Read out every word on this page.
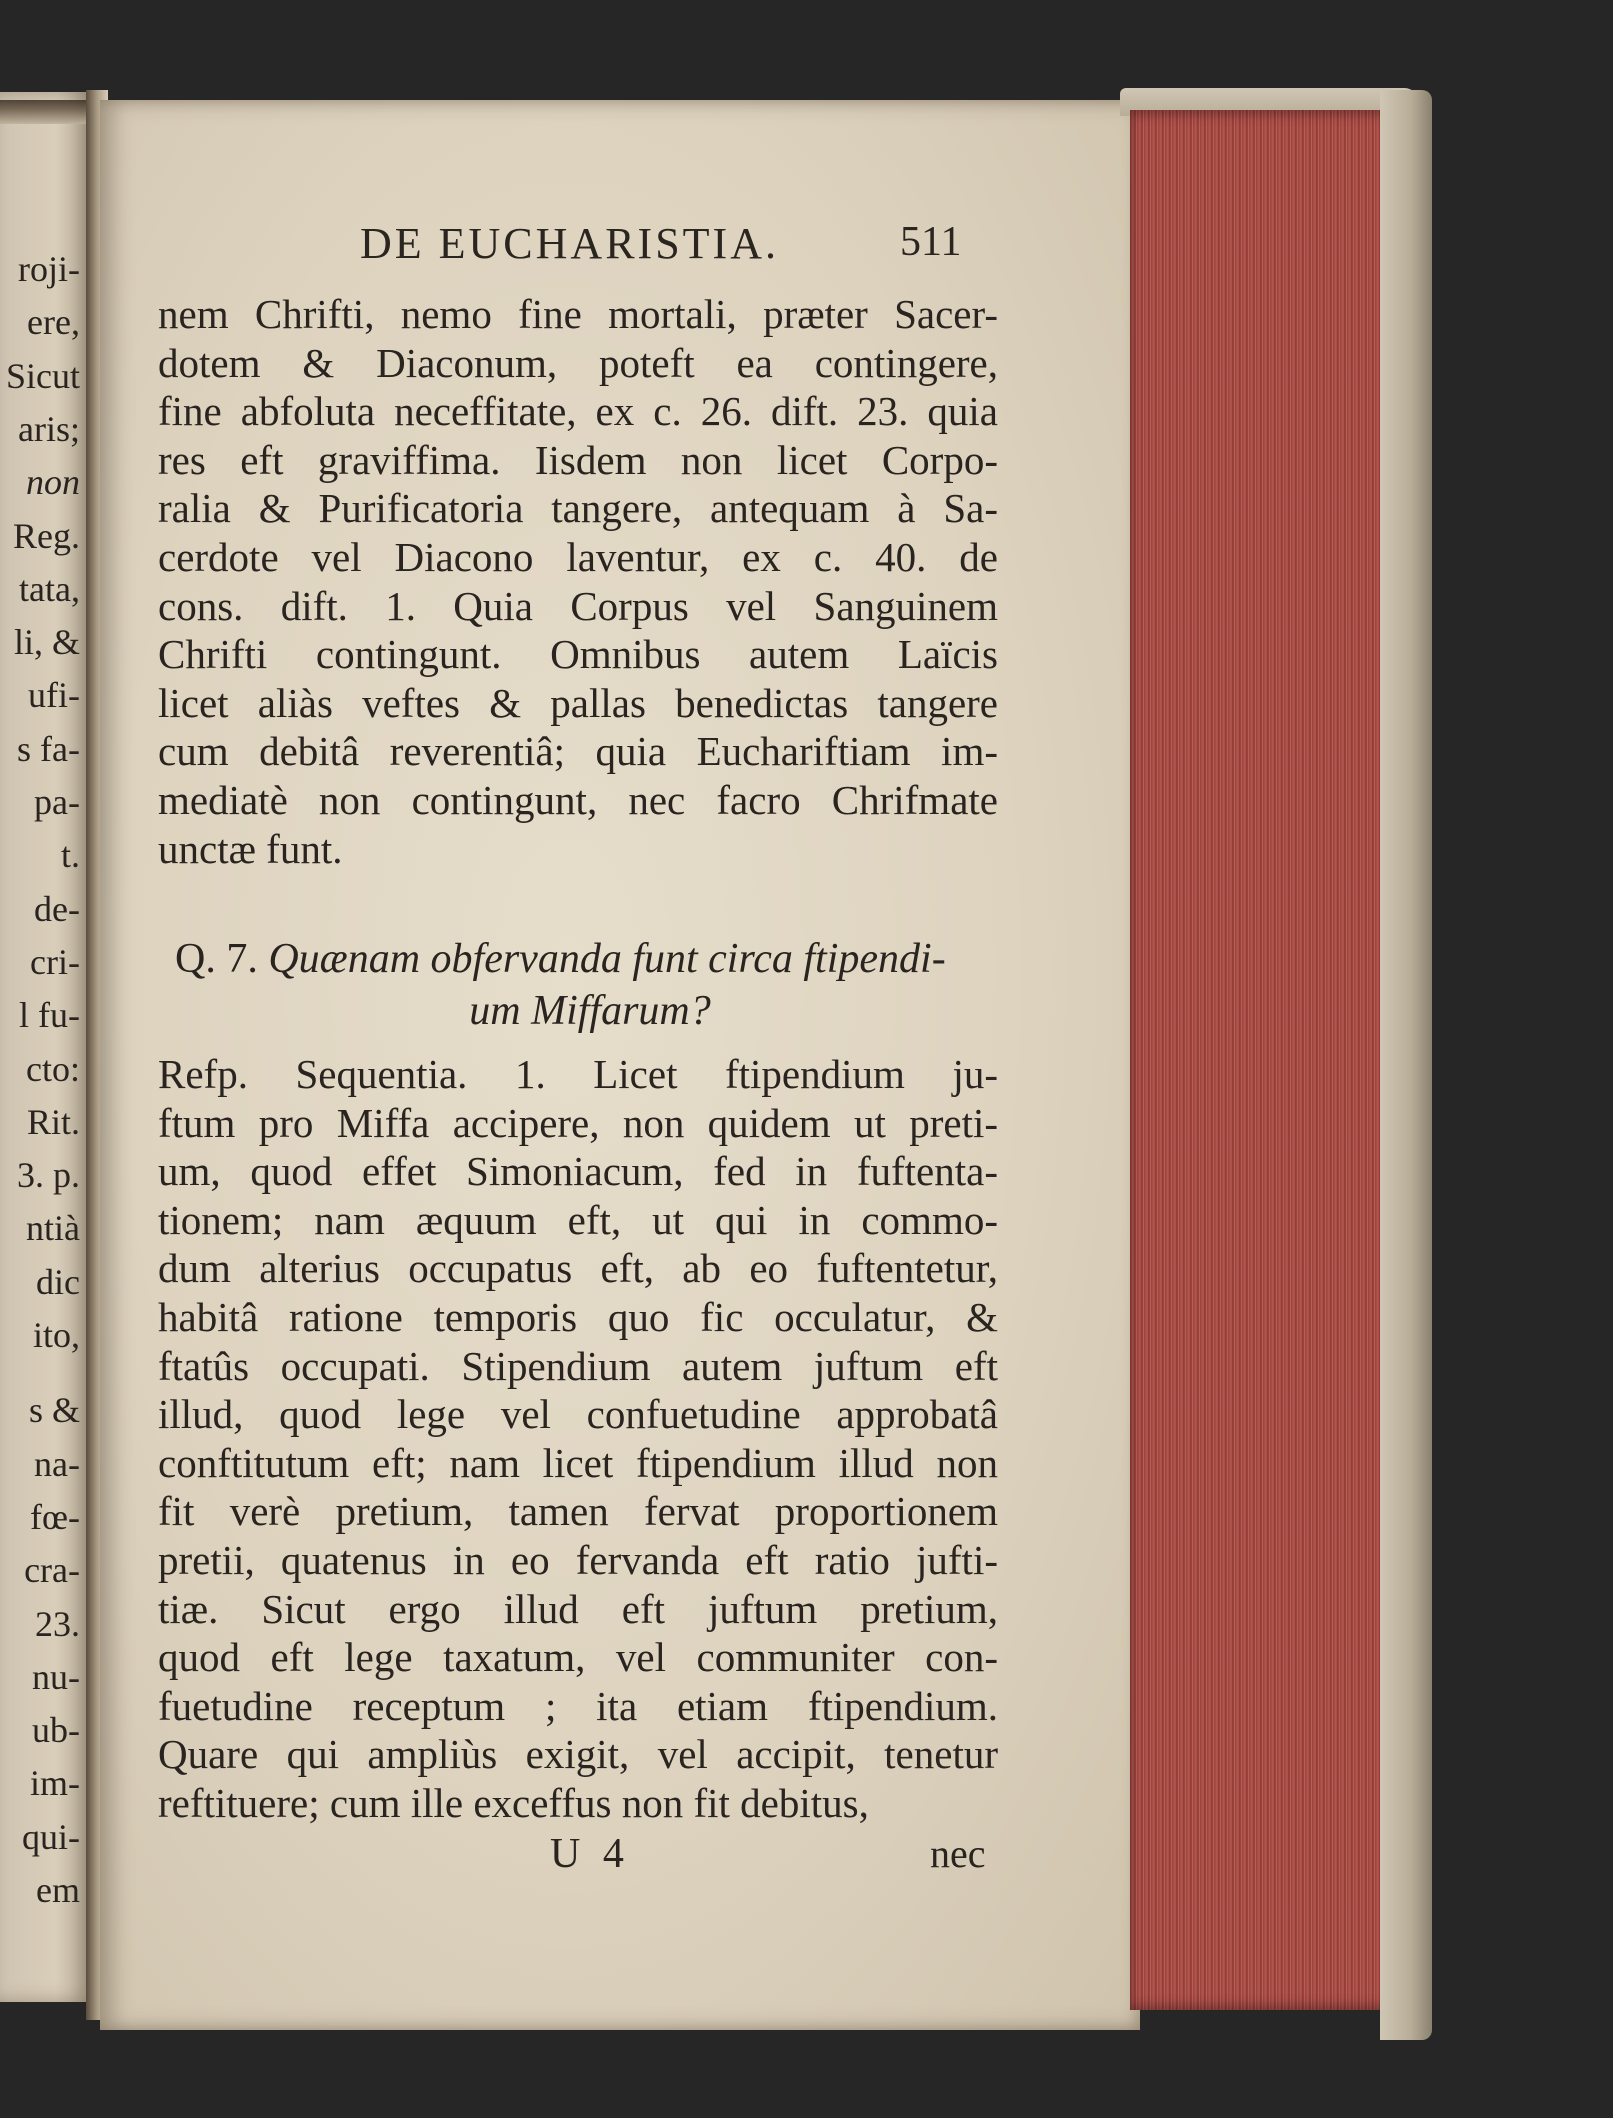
roji-
ere,
Sicut
aris;
non
Reg.
tata,
li, &
ufi-
s fa-
pa-
t.
de-
cri-
l fu-
cto:
Rit.
3. p.
ntià
dic
ito,
s &
na-
fœ-
cra-
23.
nu-
ub-
im-
qui-
em
DE EUCHARISTIA.	511
nem Chrifti, nemo fine mortali, præter Sacer-
dotem & Diaconum, poteft ea contingere,
fine abfoluta neceffitate, ex c. 26. dift. 23. quia
res eft graviffima. Iisdem non licet Corpo-
ralia & Purificatoria tangere, antequam à Sa-
cerdote vel Diacono laventur, ex c. 40. de
cons. dift. 1. Quia Corpus vel Sanguinem
Chrifti contingunt. Omnibus autem Laïcis
licet aliàs veftes & pallas benedictas tangere
cum debitâ reverentiâ; quia Euchariftiam im-
mediatè non contingunt, nec facro Chrifmate
unctæ funt.
Q. 7. Quænam obfervanda funt circa ftipendi-
um Miffarum?
Refp. Sequentia. 1. Licet ftipendium ju-
ftum pro Miffa accipere, non quidem ut preti-
um, quod effet Simoniacum, fed in fuftenta-
tionem; nam æquum eft, ut qui in commo-
dum alterius occupatus eft, ab eo fuftentetur,
habitâ ratione temporis quo fic occulatur, &
ftatûs occupati. Stipendium autem juftum eft
illud, quod lege vel confuetudine approbatâ
conftitutum eft; nam licet ftipendium illud non
fit verè pretium, tamen fervat proportionem
pretii, quatenus in eo fervanda eft ratio jufti-
tiæ. Sicut ergo illud eft juftum pretium,
quod eft lege taxatum, vel communiter con-
fuetudine receptum ; ita etiam ftipendium.
Quare qui ampliùs exigit, vel accipit, tenetur
reftituere; cum ille exceffus non fit debitus,
U 4	nec
